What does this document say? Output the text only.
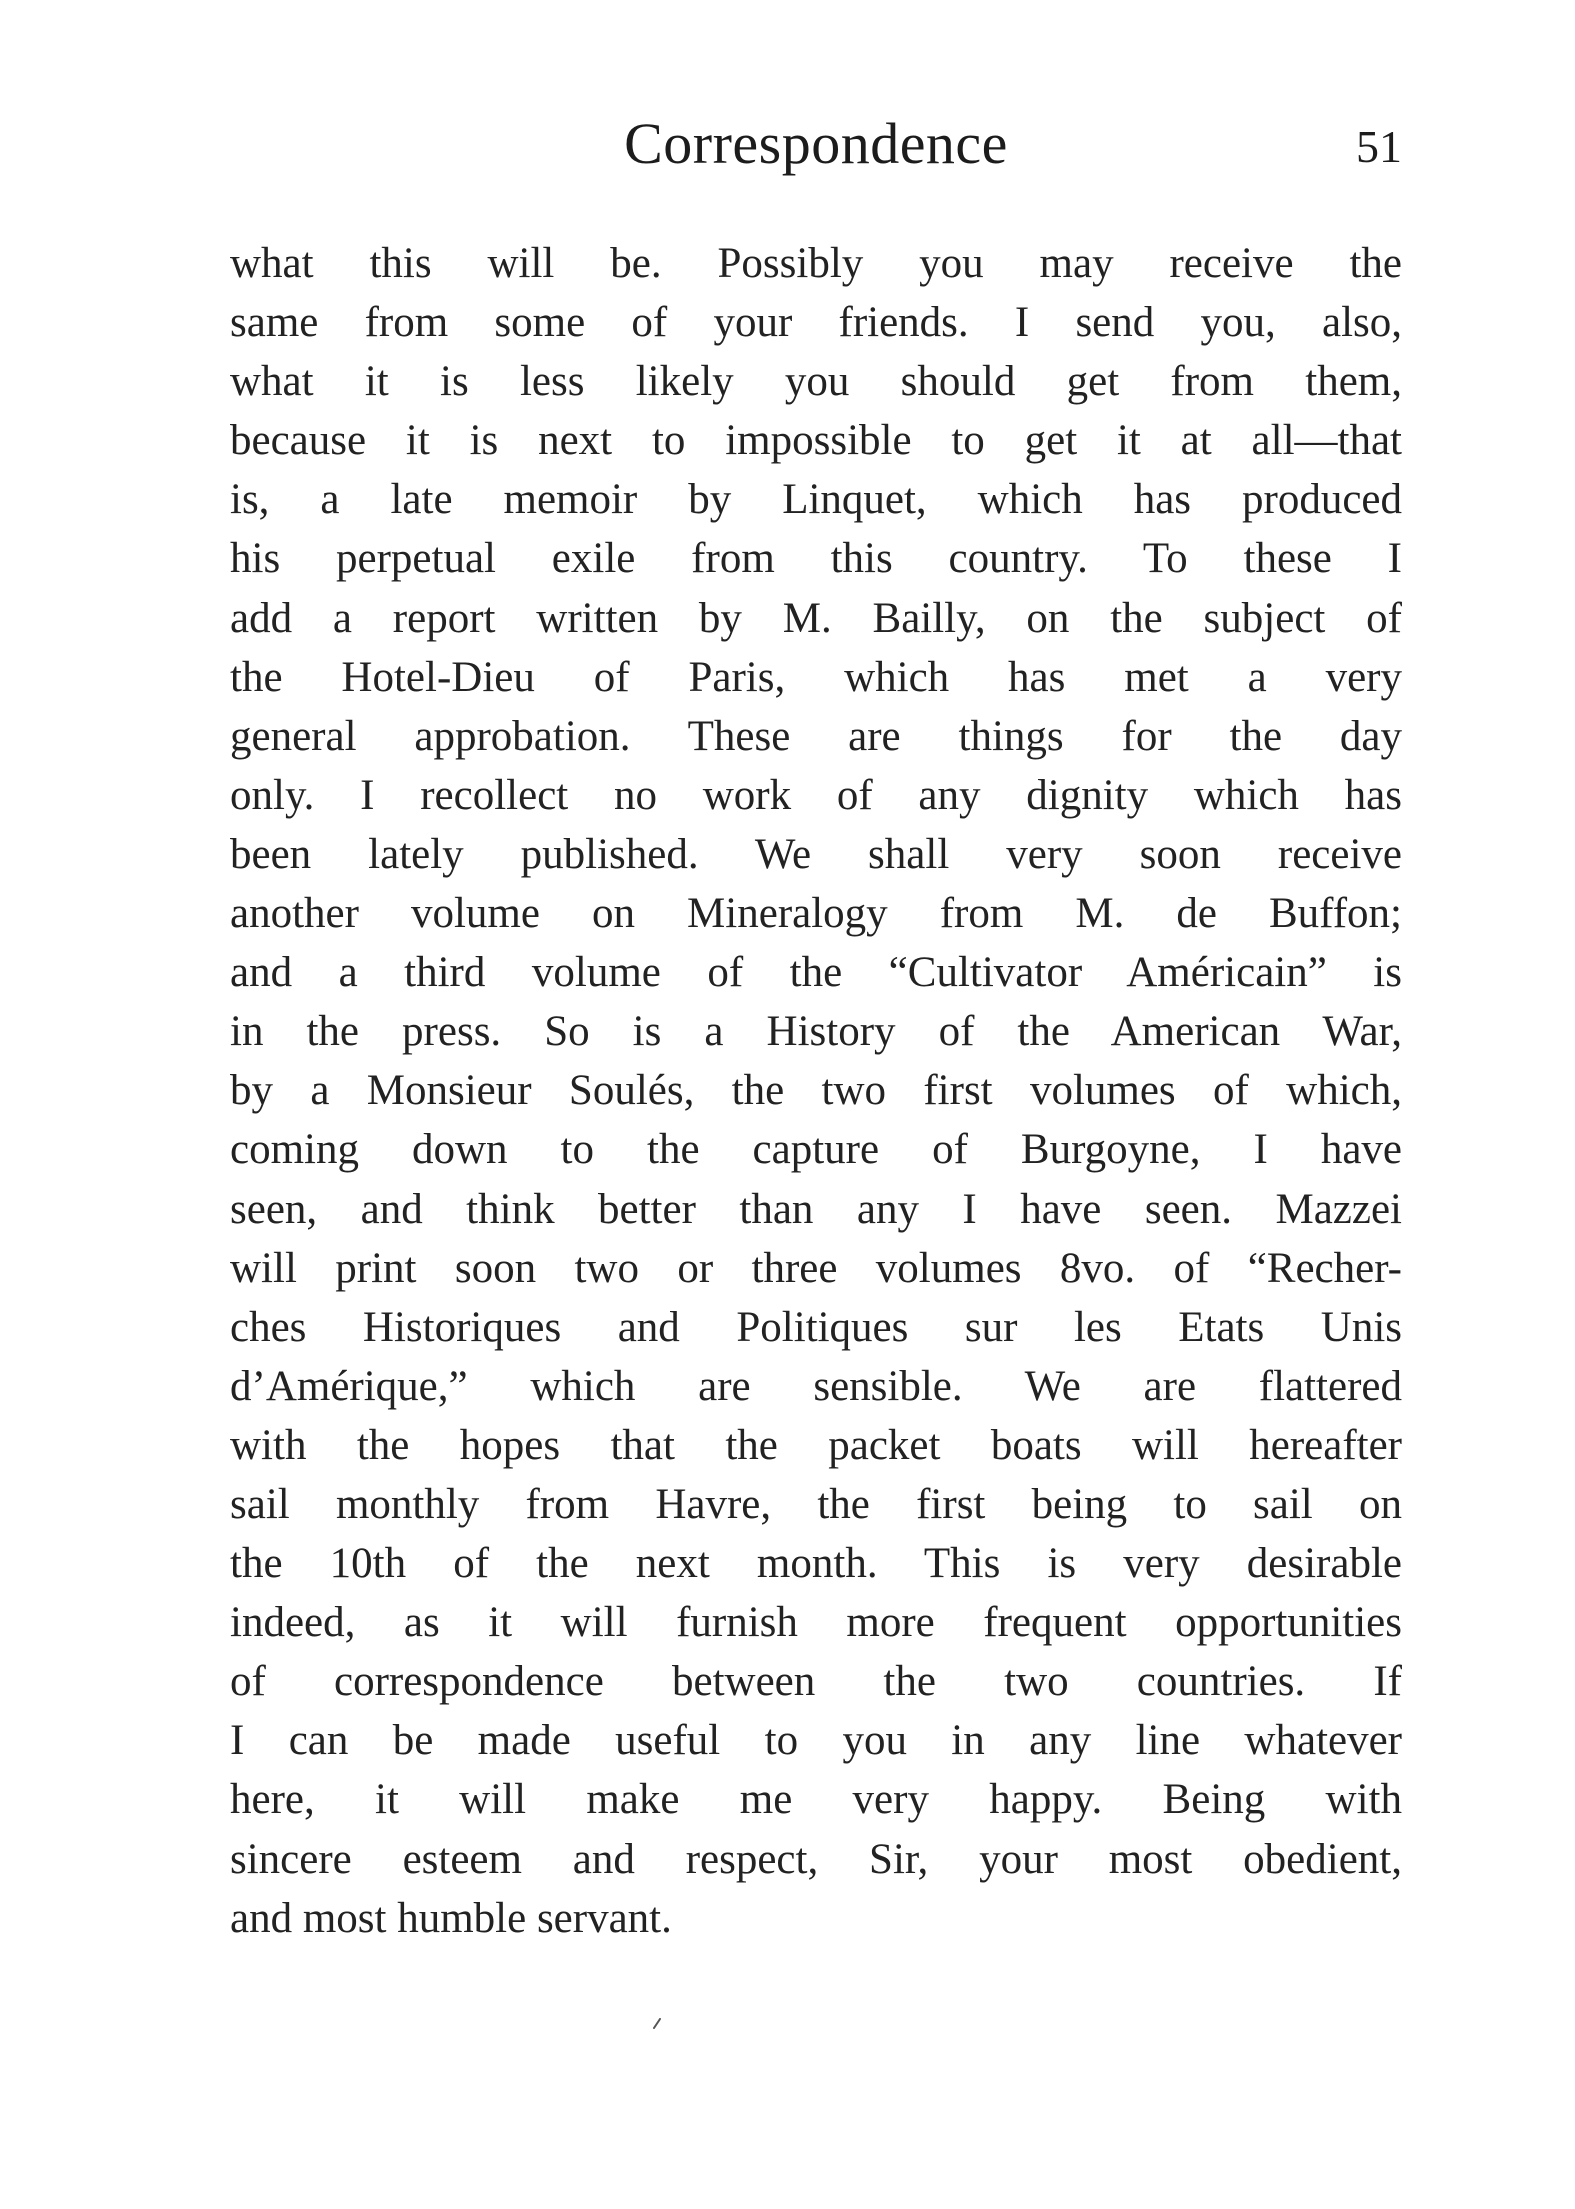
Correspondence	51
what this will be. Possibly you may receive the
same from some of your friends. I send you, also,
what it is less likely you should get from them,
because it is next to impossible to get it at all—that
is, a late memoir by Linquet, which has produced
his perpetual exile from this country. To these I
add a report written by M. Bailly, on the subject of
the Hotel-Dieu of Paris, which has met a very
general approbation. These are things for the day
only. I recollect no work of any dignity which has
been lately published. We shall very soon receive
another volume on Mineralogy from M. de Buffon;
and a third volume of the “Cultivator Américain” is
in the press. So is a History of the American War,
by a Monsieur Soulés, the two first volumes of which,
coming down to the capture of Burgoyne, I have
seen, and think better than any I have seen. Mazzei
will print soon two or three volumes 8vo. of “Recher-
ches Historiques and Politiques sur les Etats Unis
d’Amérique,” which are sensible. We are flattered
with the hopes that the packet boats will hereafter
sail monthly from Havre, the first being to sail on
the 10th of the next month. This is very desirable
indeed, as it will furnish more frequent opportunities
of correspondence between the two countries. If
I can be made useful to you in any line whatever
here, it will make me very happy. Being with
sincere esteem and respect, Sir, your most obedient,
and most humble servant.
